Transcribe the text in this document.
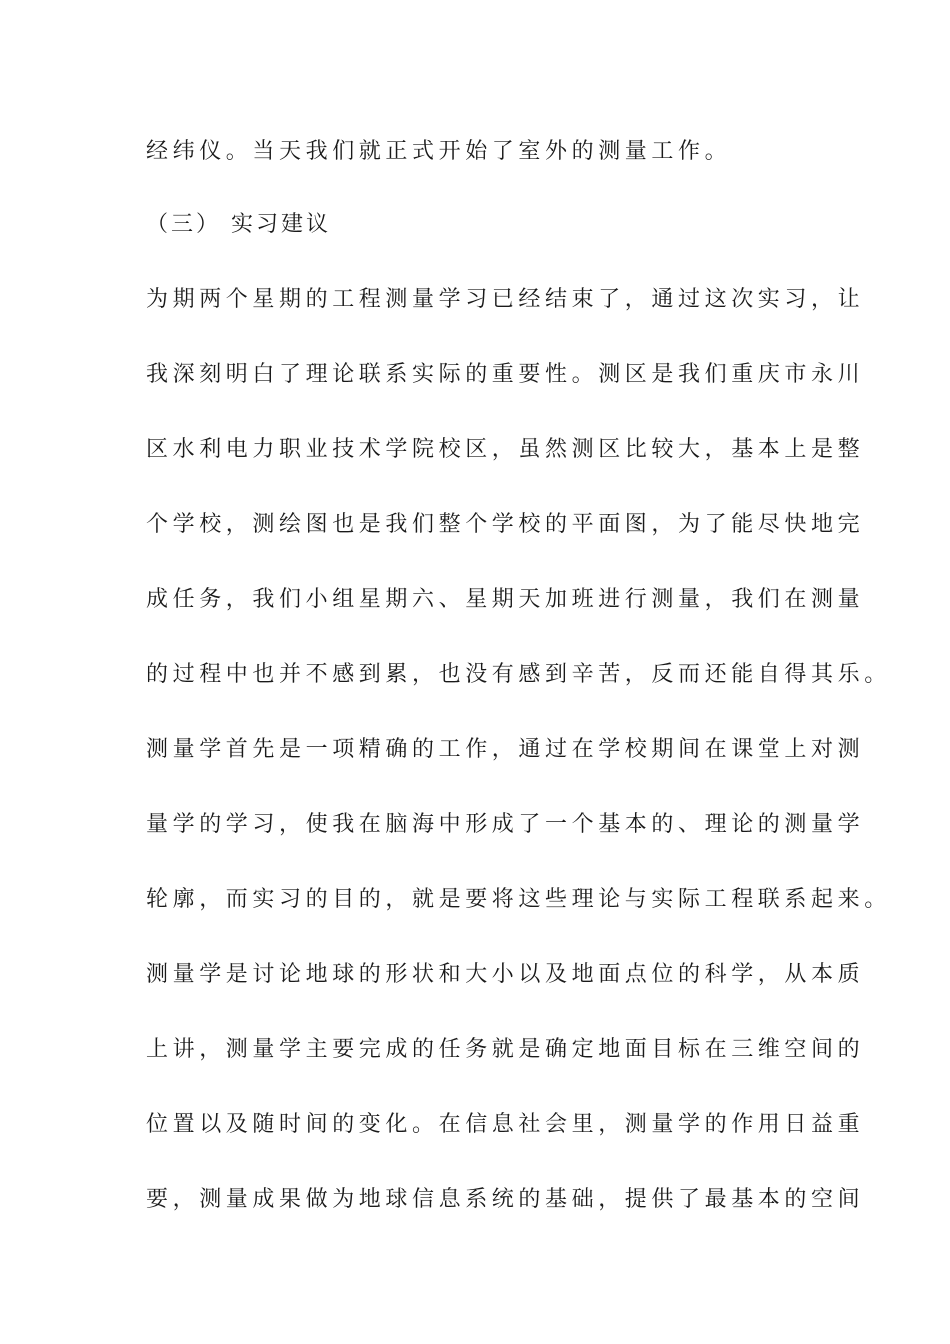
经纬仪。当天我们就正式开始了室外的测量工作。

（三） 实习建议

为期两个星期的工程测量学习已经结束了，通过这次实习，让

我深刻明白了理论联系实际的重要性。测区是我们重庆市永川

区水利电力职业技术学院校区，虽然测区比较大，基本上是整

个学校，测绘图也是我们整个学校的平面图，为了能尽快地完

成任务，我们小组星期六、星期天加班进行测量，我们在测量

的过程中也并不感到累，也没有感到辛苦，反而还能自得其乐。

测量学首先是一项精确的工作，通过在学校期间在课堂上对测

量学的学习，使我在脑海中形成了一个基本的、理论的测量学

轮廓，而实习的目的，就是要将这些理论与实际工程联系起来。

测量学是讨论地球的形状和大小以及地面点位的科学，从本质

上讲，测量学主要完成的任务就是确定地面目标在三维空间的

位置以及随时间的变化。在信息社会里，测量学的作用日益重

要，测量成果做为地球信息系统的基础，提供了最基本的空间
